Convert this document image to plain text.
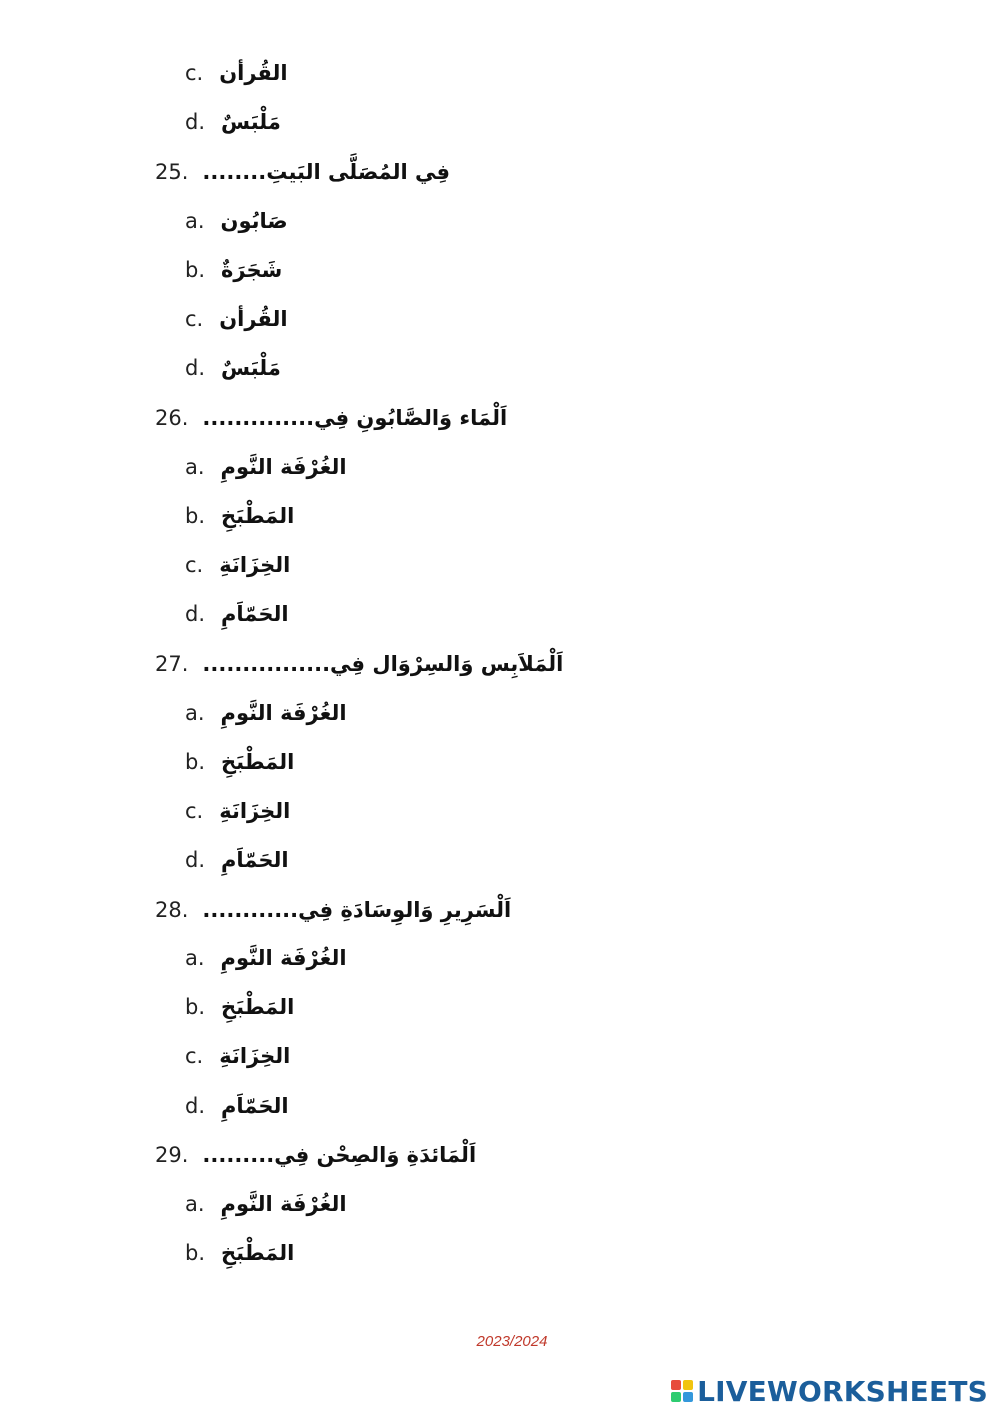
c. القُرأن
d. مَلْبَسٌ
25. فِي المُصَلَّى البَيتِ........
a. صَابُون
b. شَجَرَةٌ
c. القُرأن
d. مَلْبَسٌ
26. اَلْمَاء وَالصَّابُونِ فِي..............
a. الغُرْفَة النَّومِ
b. المَطْبَخِ
c. الخِزَانَةِ
d. الحَمّاَمِ
27. اَلْمَلاَبِس وَالسِرْوَال فِي................
a. الغُرْفَة النَّومِ
b. المَطْبَخِ
c. الخِزَانَةِ
d. الحَمّاَمِ
28. اَلْسَرِيرِ وَالوِسَادَةِ فِي............
a. الغُرْفَة النَّومِ
b. المَطْبَخِ
c. الخِزَانَةِ
d. الحَمّاَمِ
29. اَلْمَائدَةِ وَالصِحْن فِي.........
a. الغُرْفَة النَّومِ
b. المَطْبَخِ
2023/2024
LIVEWORKSHEETS
